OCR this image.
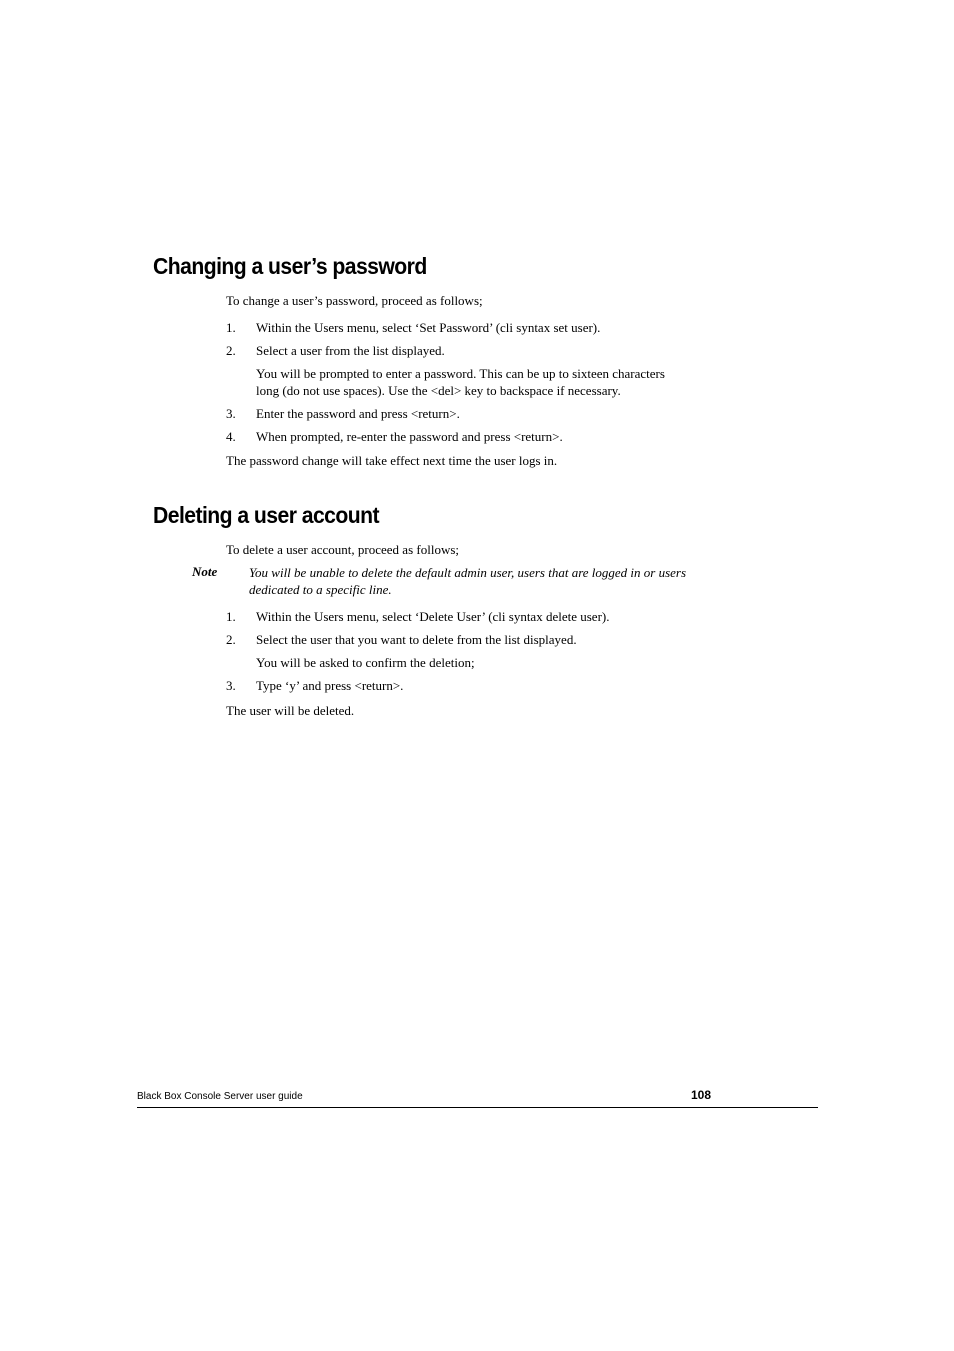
Changing a user’s password
To change a user’s password, proceed as follows;
1. Within the Users menu, select ‘Set Password’ (cli syntax set user).
2. Select a user from the list displayed.
You will be prompted to enter a password. This can be up to sixteen characters
long (do not use spaces). Use the <del> key to backspace if necessary.
3. Enter the password and press <return>.
4. When prompted, re-enter the password and press <return>.
The password change will take effect next time the user logs in.
Deleting a user account
To delete a user account, proceed as follows;
Note You will be unable to delete the default admin user, users that are logged in or users
dedicated to a specific line.
1. Within the Users menu, select ‘Delete User’ (cli syntax delete user).
2. Select the user that you want to delete from the list displayed.
You will be asked to confirm the deletion;
3. Type ‘y’ and press <return>.
The user will be deleted.
Black Box Console Server user guide	108
